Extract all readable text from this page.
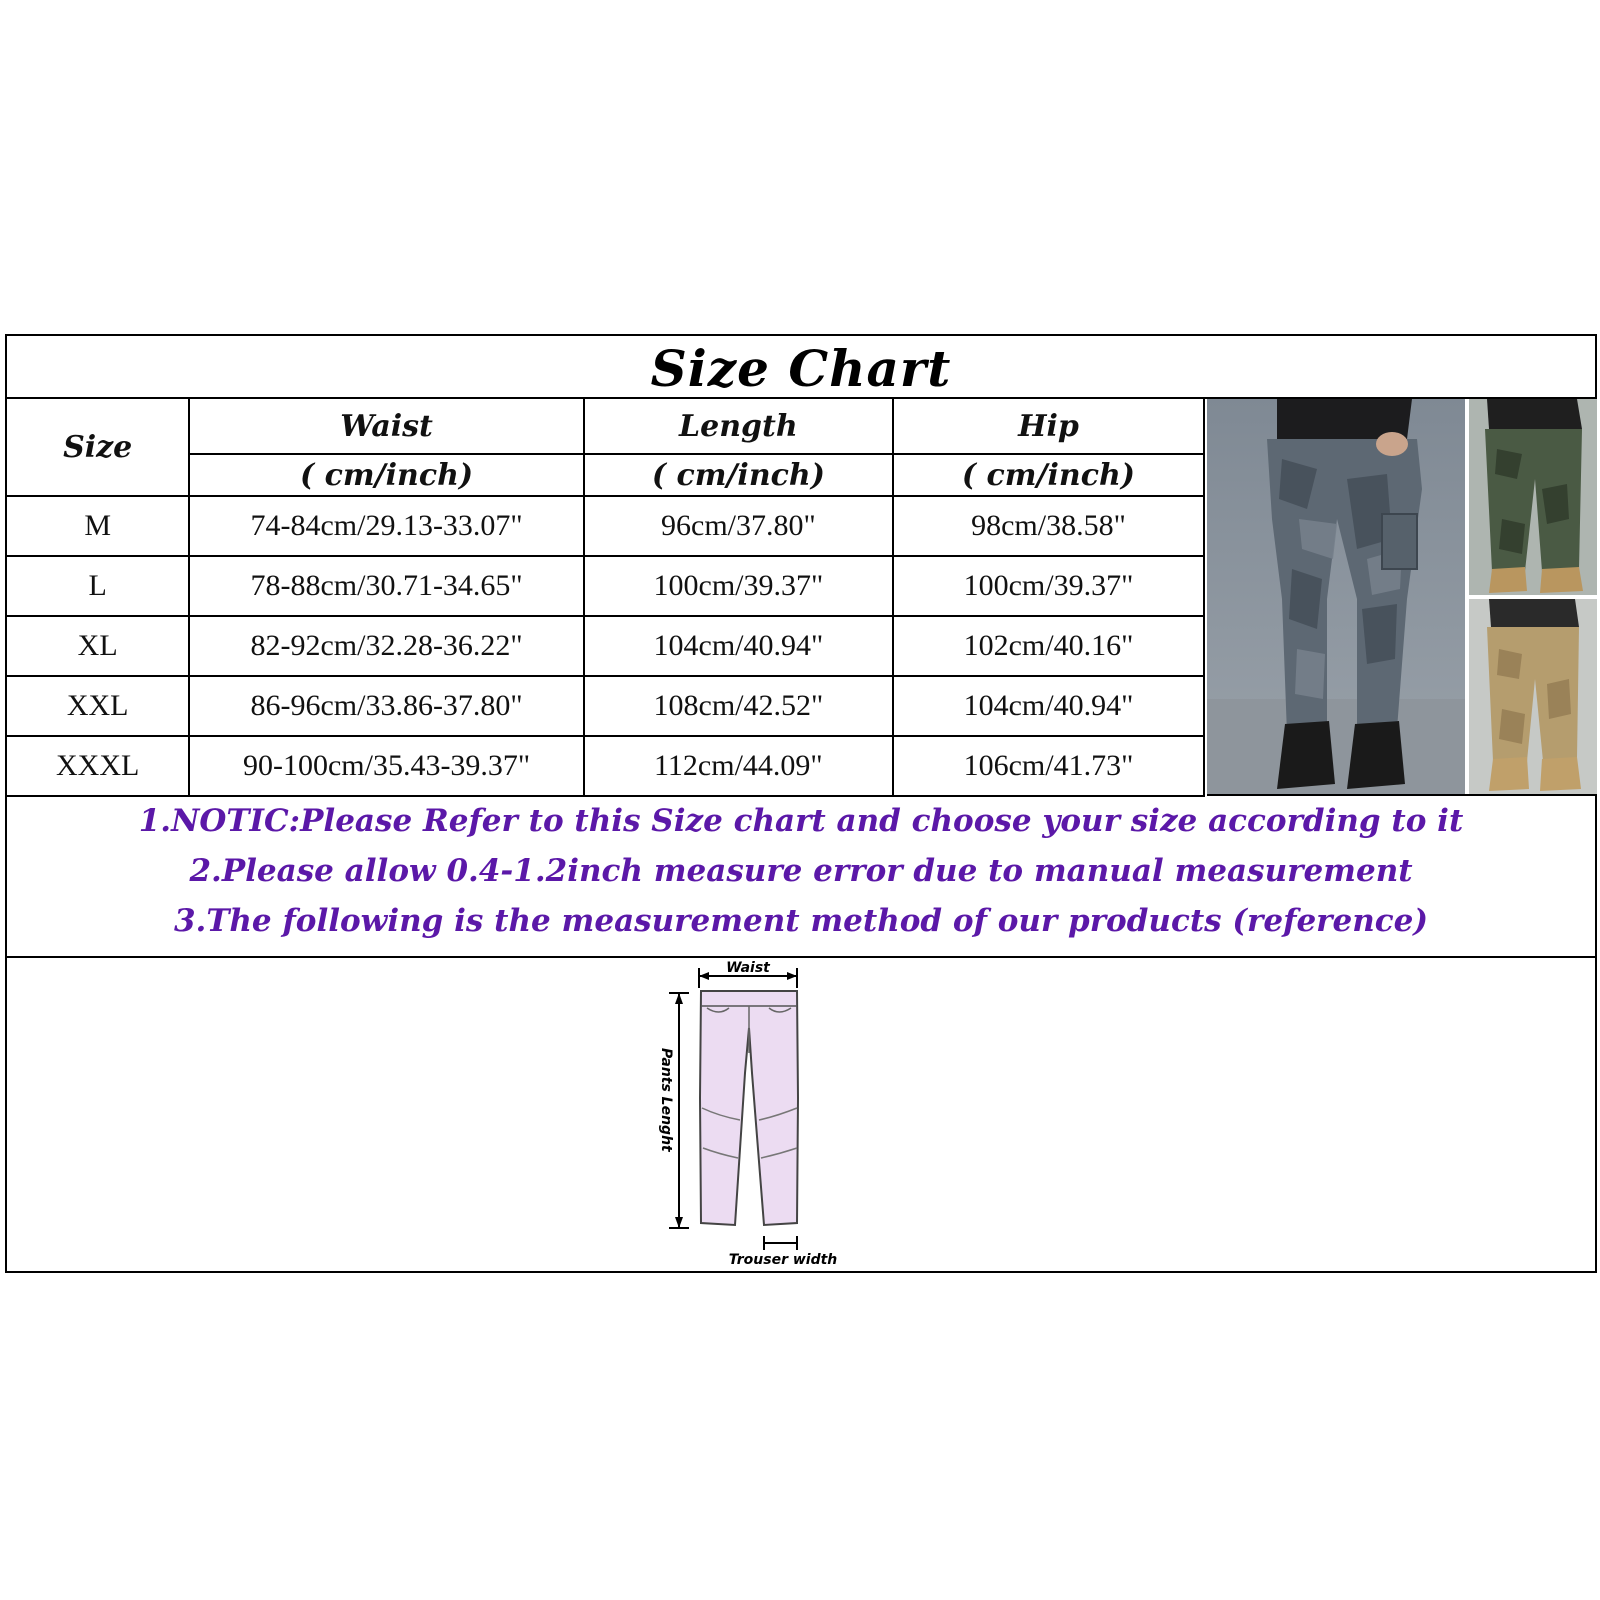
Size Chart
Size	Waist	Length	Hip
	( cm/inch)	( cm/inch)	( cm/inch)
M	74-84cm/29.13-33.07"	96cm/37.80"	98cm/38.58"
L	78-88cm/30.71-34.65"	100cm/39.37"	100cm/39.37"
XL	82-92cm/32.28-36.22"	104cm/40.94"	102cm/40.16"
XXL	86-96cm/33.86-37.80"	108cm/42.52"	104cm/40.94"
XXXL	90-100cm/35.43-39.37"	112cm/44.09"	106cm/41.73"
1.NOTIC:Please Refer to this Size chart and choose your size according to it
2.Please allow 0.4-1.2inch measure error due to manual measurement
3.The following is the measurement method of our products (reference)
Waist
Pants Lenght
Trouser width
